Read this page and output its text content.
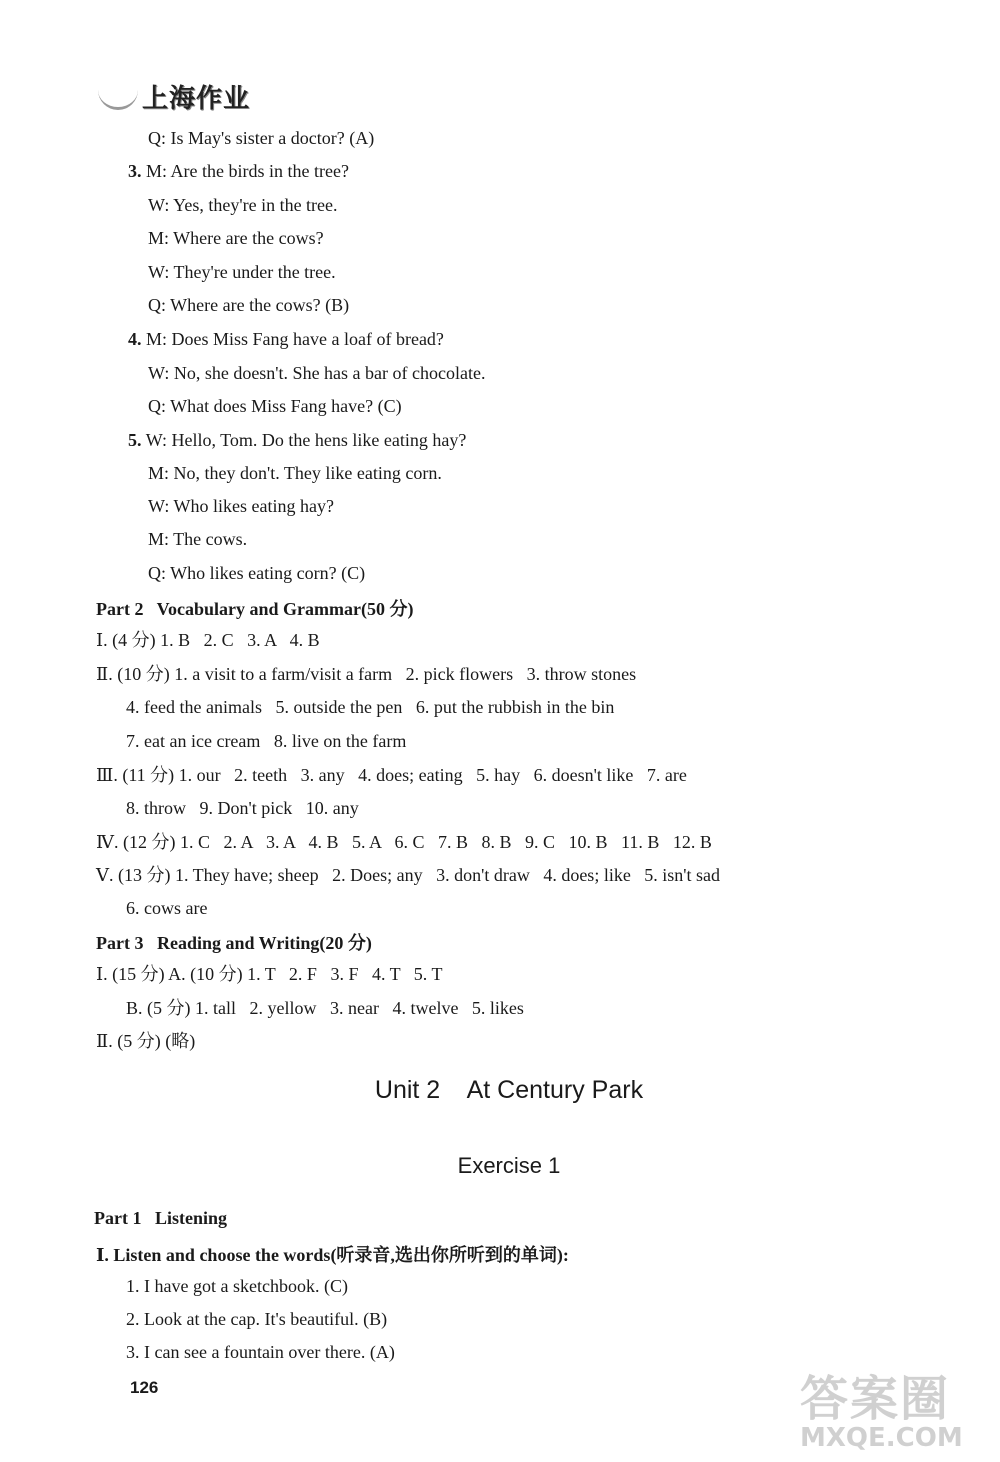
上海作业
Q: Is May's sister a doctor? (A)
3. M: Are the birds in the tree?
W: Yes, they're in the tree.
M: Where are the cows?
W: They're under the tree.
Q: Where are the cows? (B)
4. M: Does Miss Fang have a loaf of bread?
W: No, she doesn't. She has a bar of chocolate.
Q: What does Miss Fang have? (C)
5. W: Hello, Tom. Do the hens like eating hay?
M: No, they don't. They like eating corn.
W: Who likes eating hay?
M: The cows.
Q: Who likes eating corn? (C)
Part 2   Vocabulary and Grammar(50 分)
Ⅰ. (4 分) 1. B   2. C   3. A   4. B
Ⅱ. (10 分) 1. a visit to a farm/visit a farm   2. pick flowers   3. throw stones
4. feed the animals   5. outside the pen   6. put the rubbish in the bin
7. eat an ice cream   8. live on the farm
Ⅲ. (11 分) 1. our   2. teeth   3. any   4. does; eating   5. hay   6. doesn't like   7. are
8. throw   9. Don't pick   10. any
Ⅳ. (12 分) 1. C   2. A   3. A   4. B   5. A   6. C   7. B   8. B   9. C   10. B   11. B   12. B
Ⅴ. (13 分) 1. They have; sheep   2. Does; any   3. don't draw   4. does; like   5. isn't sad
6. cows are
Part 3   Reading and Writing(20 分)
Ⅰ. (15 分) A. (10 分) 1. T   2. F   3. F   4. T   5. T
B. (5 分) 1. tall   2. yellow   3. near   4. twelve   5. likes
Ⅱ. (5 分) (略)
Unit 2    At Century Park
Exercise 1
Part 1   Listening
Ⅰ. Listen and choose the words(听录音,选出你所听到的单词):
1. I have got a sketchbook. (C)
2. Look at the cap. It's beautiful. (B)
3. I can see a fountain over there. (A)
126	答案圈
MXQE.COM
